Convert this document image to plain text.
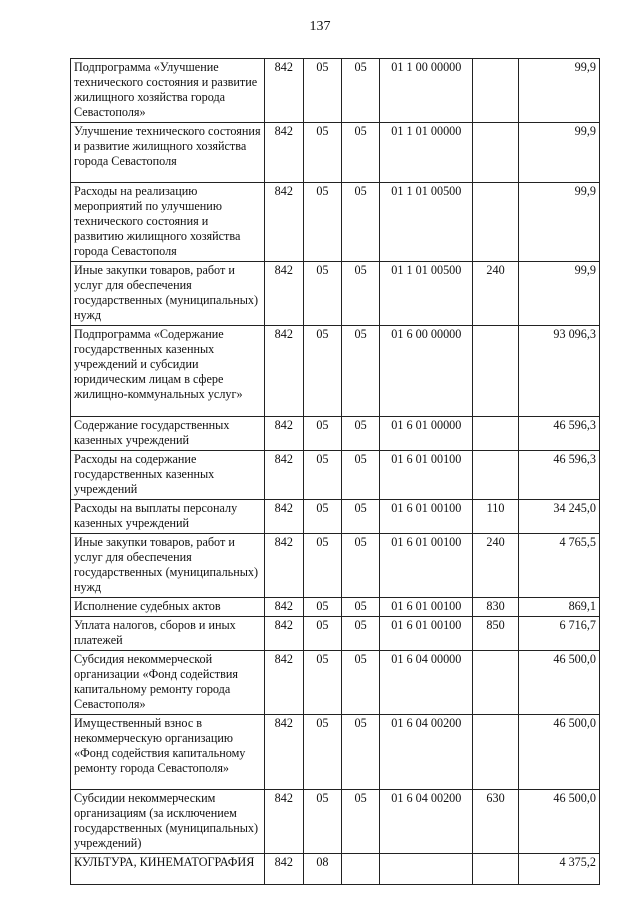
137
Подпрограмма «Улучшение технического состояния и развитие жилищного хозяйства города Севастополя»	842	05	05	01 1 00 00000		99,9
Улучшение технического состояния и развитие жилищного хозяйства города Севастополя	842	05	05	01 1 01 00000		99,9
Расходы на реализацию мероприятий по улучшению технического состояния и развитию жилищного хозяйства города Севастополя	842	05	05	01 1 01 00500		99,9
Иные закупки товаров, работ и услуг для обеспечения государственных (муниципальных) нужд	842	05	05	01 1 01 00500	240	99,9
Подпрограмма «Содержание государственных казенных учреждений и субсидии юридическим лицам в сфере жилищно-коммунальных услуг»	842	05	05	01 6 00 00000		93 096,3
Содержание государственных казенных учреждений	842	05	05	01 6 01 00000		46 596,3
Расходы на содержание государственных казенных учреждений	842	05	05	01 6 01 00100		46 596,3
Расходы на выплаты персоналу казенных учреждений	842	05	05	01 6 01 00100	110	34 245,0
Иные закупки товаров, работ и услуг для обеспечения государственных (муниципальных) нужд	842	05	05	01 6 01 00100	240	4 765,5
Исполнение судебных актов	842	05	05	01 6 01 00100	830	869,1
Уплата налогов, сборов и иных платежей	842	05	05	01 6 01 00100	850	6 716,7
Субсидия некоммерческой организации «Фонд содействия капитальному ремонту города Севастополя»	842	05	05	01 6 04 00000		46 500,0
Имущественный взнос в некоммерческую организацию «Фонд содействия капитальному ремонту города Севастополя»	842	05	05	01 6 04 00200		46 500,0
Субсидии некоммерческим организациям (за исключением государственных (муниципальных) учреждений)	842	05	05	01 6 04 00200	630	46 500,0
КУЛЬТУРА, КИНЕМАТОГРАФИЯ	842	08				4 375,2
